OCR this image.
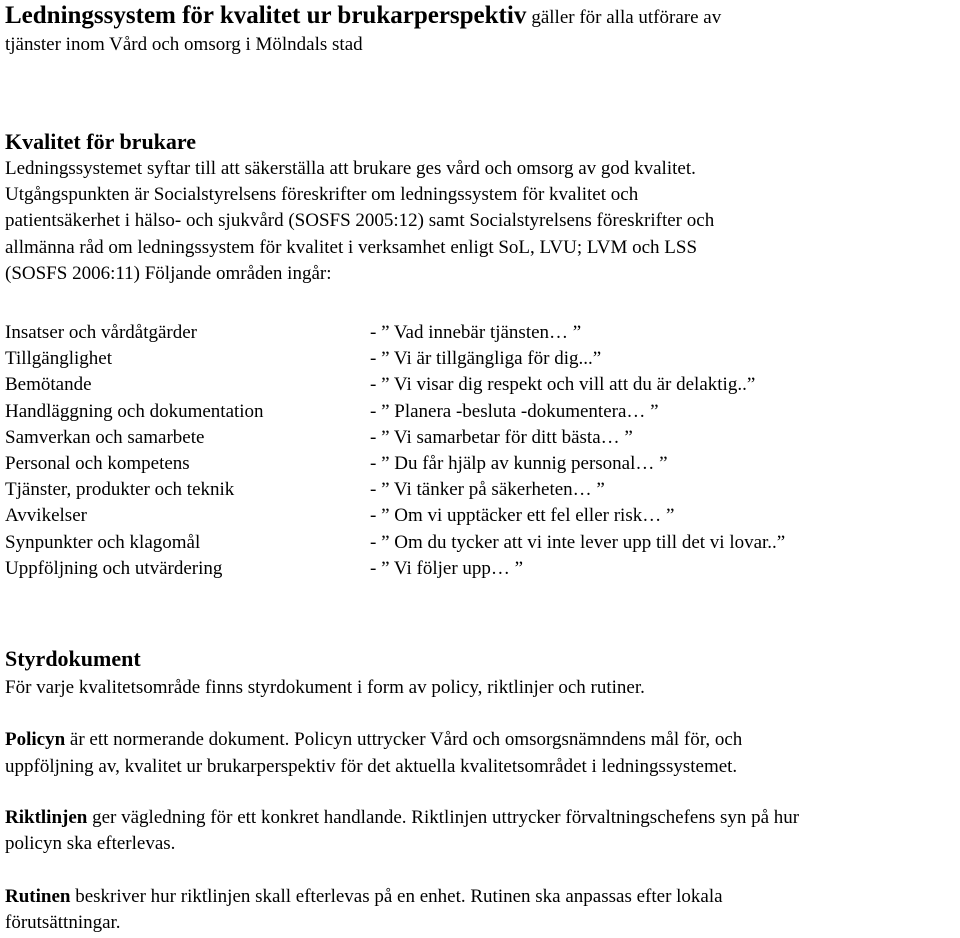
Ledningssystem för kvalitet ur brukarperspektiv gäller för alla utförare av
tjänster inom Vård och omsorg i Mölndals stad
Kvalitet för brukare
Ledningssystemet syftar till att säkerställa att brukare ges vård och omsorg av god kvalitet.
Utgångspunkten är Socialstyrelsens föreskrifter om ledningssystem för kvalitet och
patientsäkerhet i hälso- och sjukvård (SOSFS 2005:12) samt Socialstyrelsens föreskrifter och
allmänna råd om ledningssystem för kvalitet i verksamhet enligt SoL, LVU; LVM och LSS
(SOSFS 2006:11) Följande områden ingår:
Insatser och vårdåtgärder	- ” Vad innebär tjänsten… ”
Tillgänglighet	- ” Vi är tillgängliga för dig...”
Bemötande	- ” Vi visar dig respekt och vill att du är delaktig..”
Handläggning och dokumentation	- ” Planera -besluta -dokumentera… ”
Samverkan och samarbete	- ” Vi samarbetar för ditt bästa… ”
Personal och kompetens	- ” Du får hjälp av kunnig personal… ”
Tjänster, produkter och teknik	- ” Vi tänker på säkerheten… ”
Avvikelser	- ” Om vi upptäcker ett fel eller risk… ”
Synpunkter och klagomål	- ” Om du tycker att vi inte lever upp till det vi lovar..”
Uppföljning och utvärdering	- ” Vi följer upp… ”
Styrdokument
För varje kvalitetsområde finns styrdokument i form av policy, riktlinjer och rutiner.
Policyn är ett normerande dokument. Policyn uttrycker Vård och omsorgsnämndens mål för, och
uppföljning av, kvalitet ur brukarperspektiv för det aktuella kvalitetsområdet i ledningssystemet.
Riktlinjen ger vägledning för ett konkret handlande. Riktlinjen uttrycker förvaltningschefens syn på hur
policyn ska efterlevas.
Rutinen beskriver hur riktlinjen skall efterlevas på en enhet. Rutinen ska anpassas efter lokala
förutsättningar.
